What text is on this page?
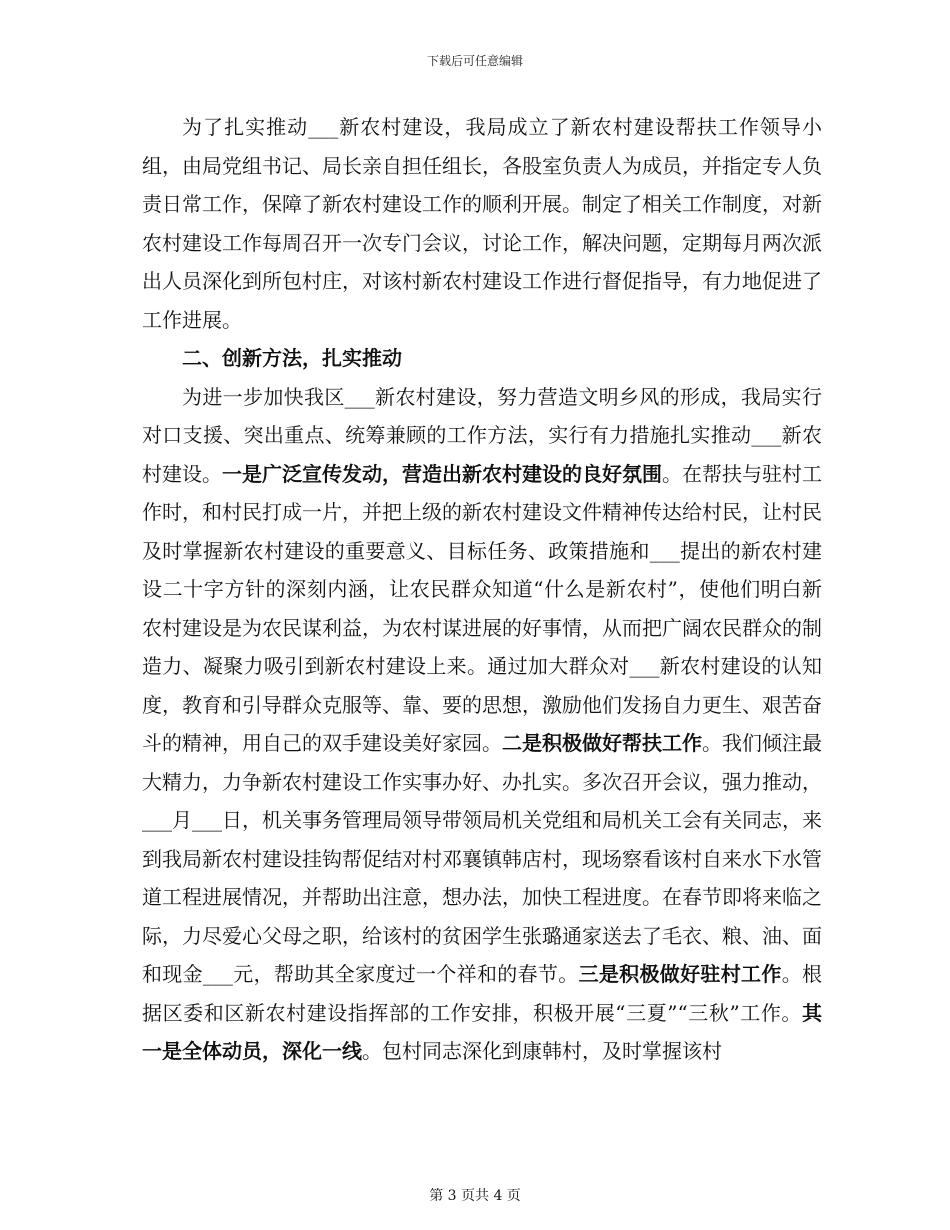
下载后可任意编辑

为了扎实推动___新农村建设，我局成立了新农村建设帮扶工作领导小组，由局党组书记、局长亲自担任组长，各股室负责人为成员，并指定专人负责日常工作，保障了新农村建设工作的顺利开展。制定了相关工作制度，对新农村建设工作每周召开一次专门会议，讨论工作，解决问题，定期每月两次派出人员深化到所包村庄，对该村新农村建设工作进行督促指导，有力地促进了工作进展。

二、创新方法，扎实推动

为进一步加快我区___新农村建设，努力营造文明乡风的形成，我局实行对口支援、突出重点、统筹兼顾的工作方法，实行有力措施扎实推动___新农村建设。一是广泛宣传发动，营造出新农村建设的良好氛围。在帮扶与驻村工作时，和村民打成一片，并把上级的新农村建设文件精神传达给村民，让村民及时掌握新农村建设的重要意义、目标任务、政策措施和___提出的新农村建设二十字方针的深刻内涵，让农民群众知道“什么是新农村”，使他们明白新农村建设是为农民谋利益，为农村谋进展的好事情，从而把广阔农民群众的制造力、凝聚力吸引到新农村建设上来。通过加大群众对___新农村建设的认知度，教育和引导群众克服等、靠、要的思想，激励他们发扬自力更生、艰苦奋斗的精神，用自己的双手建设美好家园。二是积极做好帮扶工作。我们倾注最大精力，力争新农村建设工作实事办好、办扎实。多次召开会议，强力推动，___月___日，机关事务管理局领导带领局机关党组和局机关工会有关同志，来到我局新农村建设挂钩帮促结对村邓襄镇韩店村，现场察看该村自来水下水管道工程进展情况，并帮助出注意，想办法，加快工程进度。在春节即将来临之际，力尽爱心父母之职，给该村的贫困学生张璐通家送去了毛衣、粮、油、面和现金___元，帮助其全家度过一个祥和的春节。三是积极做好驻村工作。根据区委和区新农村建设指挥部的工作安排，积极开展“三夏”“三秋”工作。其一是全体动员，深化一线。包村同志深化到康韩村，及时掌握该村

第 3 页共 4 页
